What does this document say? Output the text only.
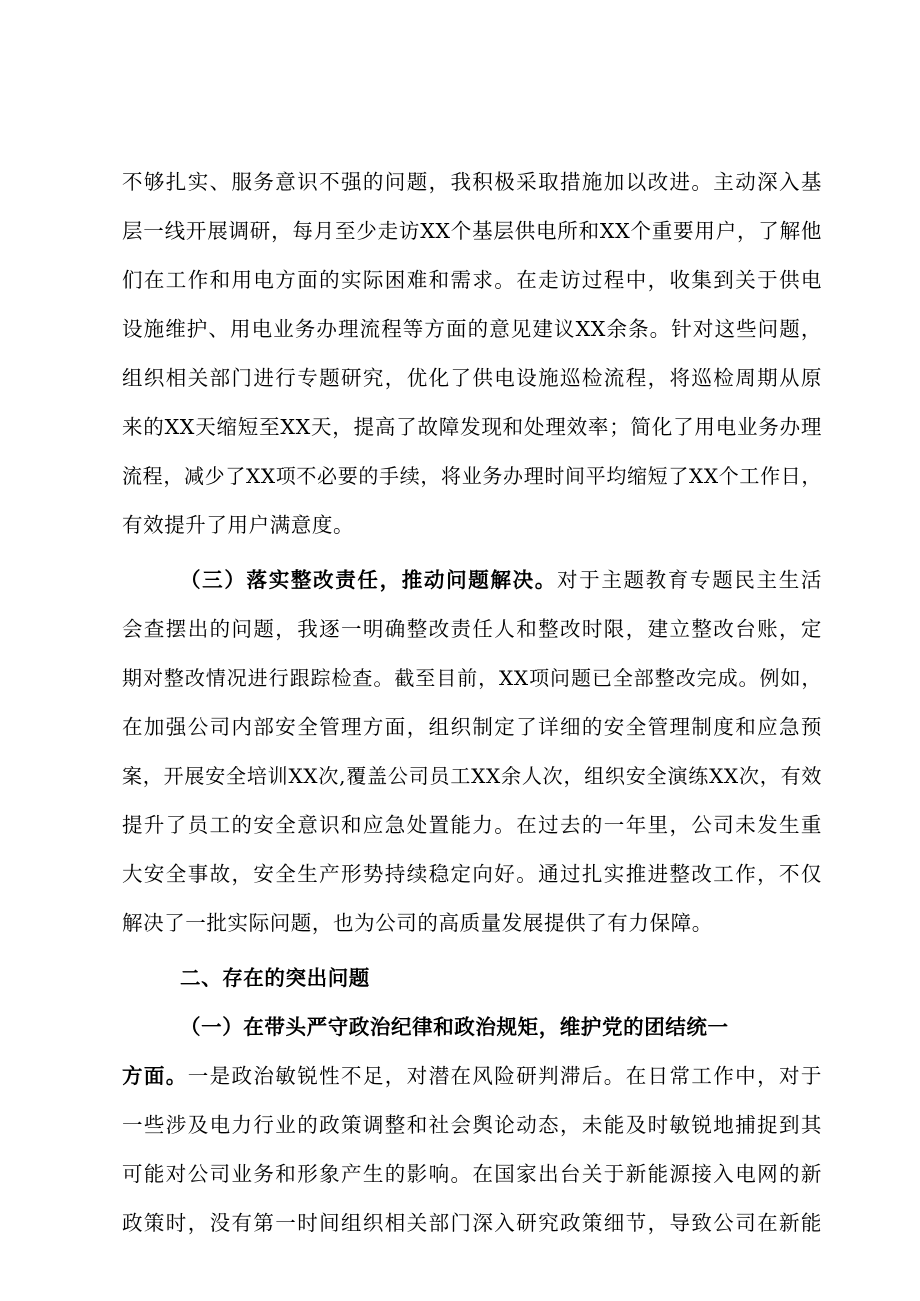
不够扎实、服务意识不强的问题，我积极采取措施加以改进。主动深入基
层一线开展调研，每月至少走访XX个基层供电所和XX个重要用户，了解他
们在工作和用电方面的实际困难和需求。在走访过程中，收集到关于供电
设施维护、用电业务办理流程等方面的意见建议XX余条。针对这些问题，
组织相关部门进行专题研究，优化了供电设施巡检流程，将巡检周期从原
来的XX天缩短至XX天，提高了故障发现和处理效率；简化了用电业务办理
流程，减少了XX项不必要的手续，将业务办理时间平均缩短了XX个工作日，
有效提升了用户满意度。
（三）落实整改责任，推动问题解决。对于主题教育专题民主生活
会查摆出的问题，我逐一明确整改责任人和整改时限，建立整改台账，定
期对整改情况进行跟踪检查。截至目前，XX项问题已全部整改完成。例如，
在加强公司内部安全管理方面，组织制定了详细的安全管理制度和应急预
案，开展安全培训XX次,覆盖公司员工XX余人次，组织安全演练XX次，有效
提升了员工的安全意识和应急处置能力。在过去的一年里，公司未发生重
大安全事故，安全生产形势持续稳定向好。通过扎实推进整改工作，不仅
解决了一批实际问题，也为公司的高质量发展提供了有力保障。
二、存在的突出问题
（一）在带头严守政治纪律和政治规矩，维护党的团结统一
方面。一是政治敏锐性不足，对潜在风险研判滞后。在日常工作中，对于
一些涉及电力行业的政策调整和社会舆论动态，未能及时敏锐地捕捉到其
可能对公司业务和形象产生的影响。在国家出台关于新能源接入电网的新
政策时，没有第一时间组织相关部门深入研究政策细节，导致公司在新能
